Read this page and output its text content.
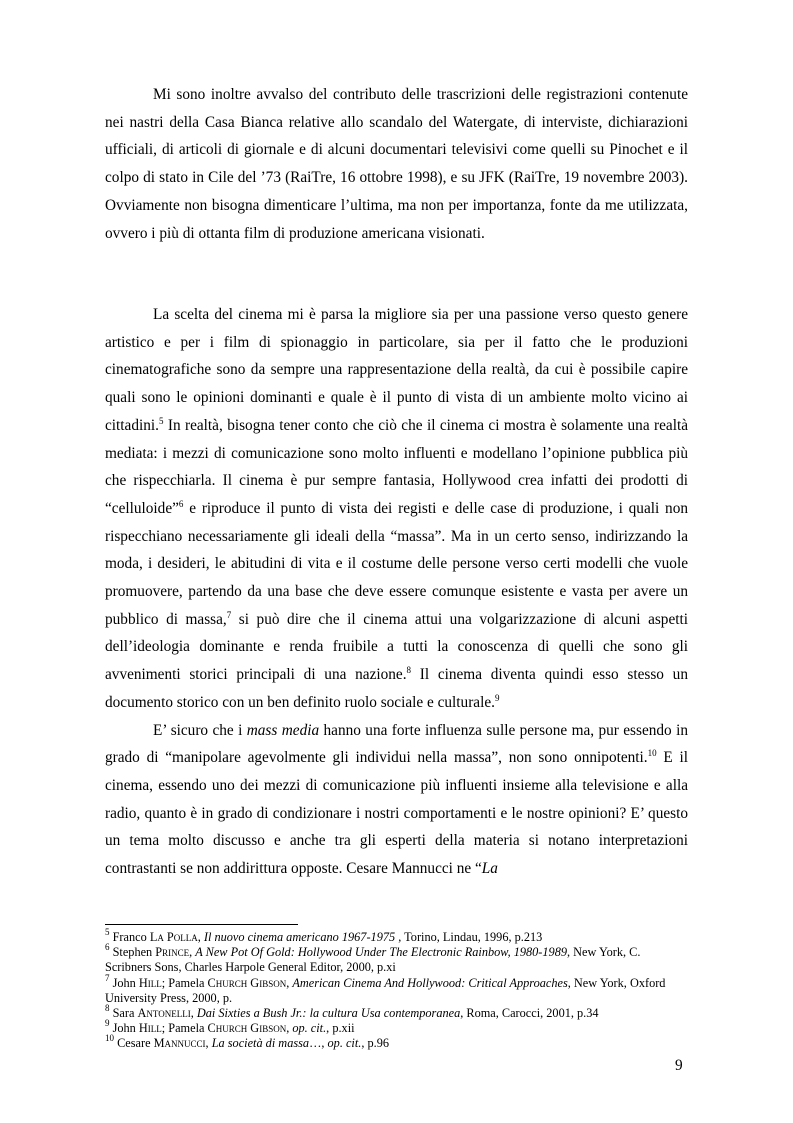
Mi sono inoltre avvalso del contributo delle trascrizioni delle registrazioni contenute nei nastri della Casa Bianca relative allo scandalo del Watergate, di interviste, dichiarazioni ufficiali, di articoli di giornale e di alcuni documentari televisivi come quelli su Pinochet e il colpo di stato in Cile del ’73 (RaiTre, 16 ottobre 1998), e su JFK (RaiTre, 19 novembre 2003). Ovviamente non bisogna dimenticare l’ultima, ma non per importanza, fonte da me utilizzata, ovvero i più di ottanta film di produzione americana visionati.

La scelta del cinema mi è parsa la migliore sia per una passione verso questo genere artistico e per i film di spionaggio in particolare, sia per il fatto che le produzioni cinematografiche sono da sempre una rappresentazione della realtà, da cui è possibile capire quali sono le opinioni dominanti e quale è il punto di vista di un ambiente molto vicino ai cittadini.$^5$ In realtà, bisogna tener conto che ciò che il cinema ci mostra è solamente una realtà mediata: i mezzi di comunicazione sono molto influenti e modellano l’opinione pubblica più che rispecchiarla. Il cinema è pur sempre fantasia, Hollywood crea infatti dei prodotti di “celluloide”$^6$ e riproduce il punto di vista dei registi e delle case di produzione, i quali non rispecchiano necessariamente gli ideali della “massa”. Ma in un certo senso, indirizzando la moda, i desideri, le abitudini di vita e il costume delle persone verso certi modelli che vuole promuovere, partendo da una base che deve essere comunque esistente e vasta per avere un pubblico di massa,$^7$ si può dire che il cinema attui una volgarizzazione di alcuni aspetti dell’ideologia dominante e renda fruibile a tutti la conoscenza di quelli che sono gli avvenimenti storici principali di una nazione.$^8$ Il cinema diventa quindi esso stesso un documento storico con un ben definito ruolo sociale e culturale.$^9$

E’ sicuro che i mass media hanno una forte influenza sulle persone ma, pur essendo in grado di “manipolare agevolmente gli individui nella massa”, non sono onnipotenti.$^{10}$ E il cinema, essendo uno dei mezzi di comunicazione più influenti insieme alla televisione e alla radio, quanto è in grado di condizionare i nostri comportamenti e le nostre opinioni? E’ questo un tema molto discusso e anche tra gli esperti della materia si notano interpretazioni contrastanti se non addirittura opposte. Cesare Mannucci ne “La

$^5$ Franco La Polla, Il nuovo cinema americano 1967-1975 , Torino, Lindau, 1996, p.213
$^6$ Stephen Prince, A New Pot Of Gold: Hollywood Under The Electronic Rainbow, 1980-1989, New York, C. Scribners Sons, Charles Harpole General Editor, 2000, p.xi
$^7$ John Hill; Pamela Church Gibson, American Cinema And Hollywood: Critical Approaches, New York, Oxford University Press, 2000, p.
$^8$ Sara Antonelli, Dai Sixties a Bush Jr.: la cultura Usa contemporanea, Roma, Carocci, 2001, p.34
$^9$ John Hill; Pamela Church Gibson, op. cit., p.xii
$^{10}$ Cesare Mannucci, La società di massa…, op. cit., p.96
9
